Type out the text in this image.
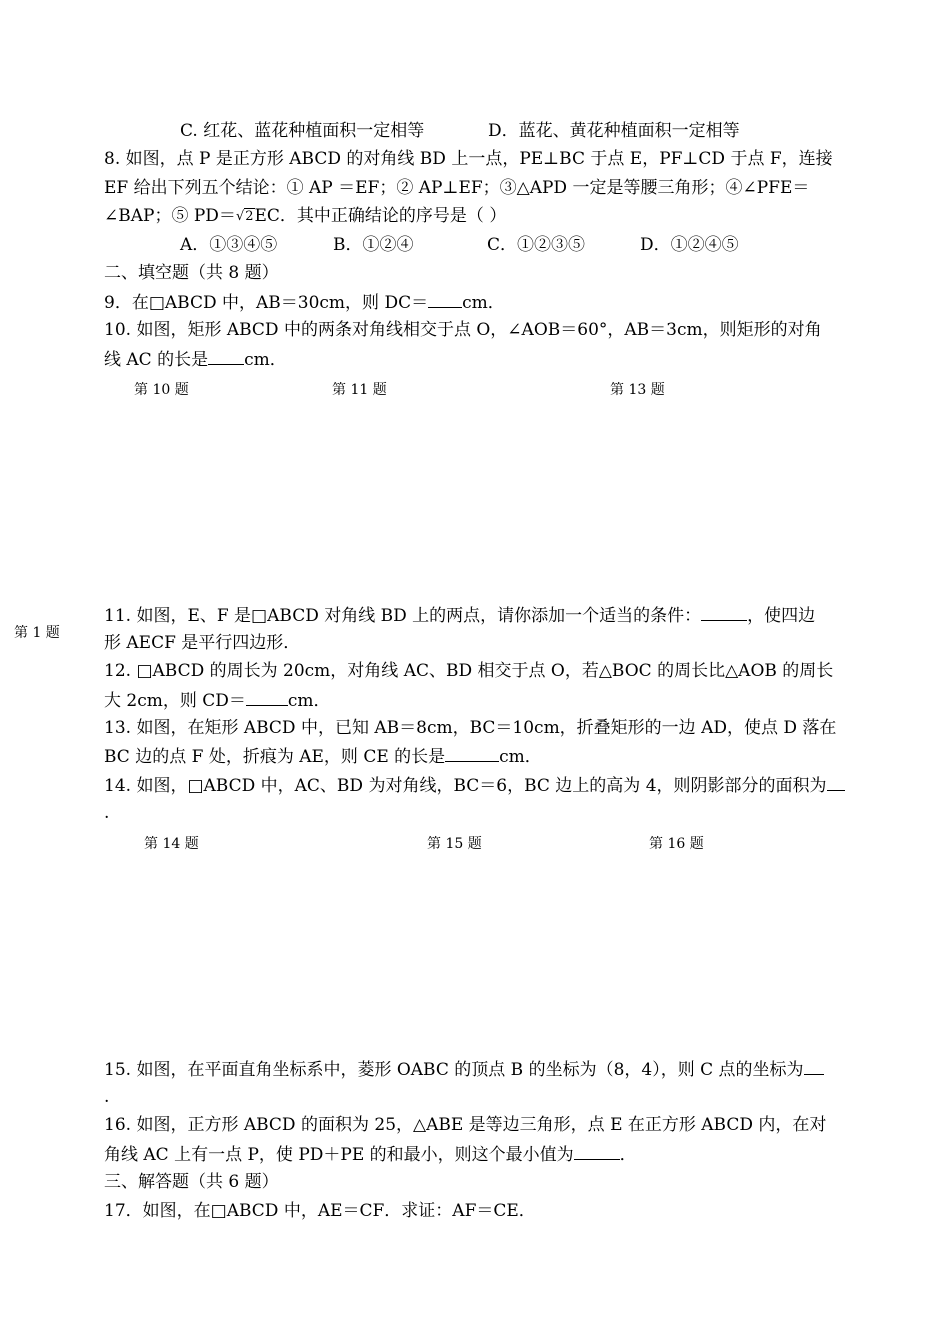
C. 红花、蓝花种植面积一定相等	D．蓝花、黄花种植面积一定相等
8. 如图，点 P 是正方形 ABCD 的对角线 BD 上一点，PE⊥BC 于点 E，PF⊥CD 于点 F，连接
EF 给出下列五个结论：① AP ＝EF；② AP⊥EF；③△APD 一定是等腰三角形；④∠PFE＝
∠BAP；⑤ PD＝√2EC．其中正确结论的序号是（ ）
A．①③④⑤	B．①②④	C．①②③⑤	D．①②④⑤
二、填空题（共 8 题）
9．在□ABCD 中，AB＝30cm，则 DC＝ cm．
10. 如图，矩形 ABCD 中的两条对角线相交于点 O，∠AOB＝60°，AB＝3cm，则矩形的对角
线 AC 的长是 cm．
第 10 题	第 11 题	第 13 题
第 1 题
11. 如图，E、F 是□ABCD 对角线 BD 上的两点，请你添加一个适当的条件：	，使四边
形 AECF 是平行四边形．
12. □ABCD 的周长为 20cm，对角线 AC、BD 相交于点 O，若△BOC 的周长比△AOB 的周长
大 2cm，则 CD＝ cm．
13. 如图，在矩形 ABCD 中，已知 AB＝8cm，BC＝10cm，折叠矩形的一边 AD，使点 D 落在
BC 边的点 F 处，折痕为 AE，则 CE 的长是	cm．
14. 如图，□ABCD 中，AC、BD 为对角线，BC＝6，BC 边上的高为 4，则阴影部分的面积为
.
第 14 题	第 15 题	第 16 题
15. 如图，在平面直角坐标系中，菱形 OABC 的顶点 B 的坐标为（8，4），则 C 点的坐标为
.
16. 如图，正方形 ABCD 的面积为 25，△ABE 是等边三角形，点 E 在正方形 ABCD 内，在对
角线 AC 上有一点 P，使 PD＋PE 的和最小，则这个最小值为	．
三、解答题（共 6 题）
17．如图，在□ABCD 中，AE＝CF．求证：AF＝CE．
